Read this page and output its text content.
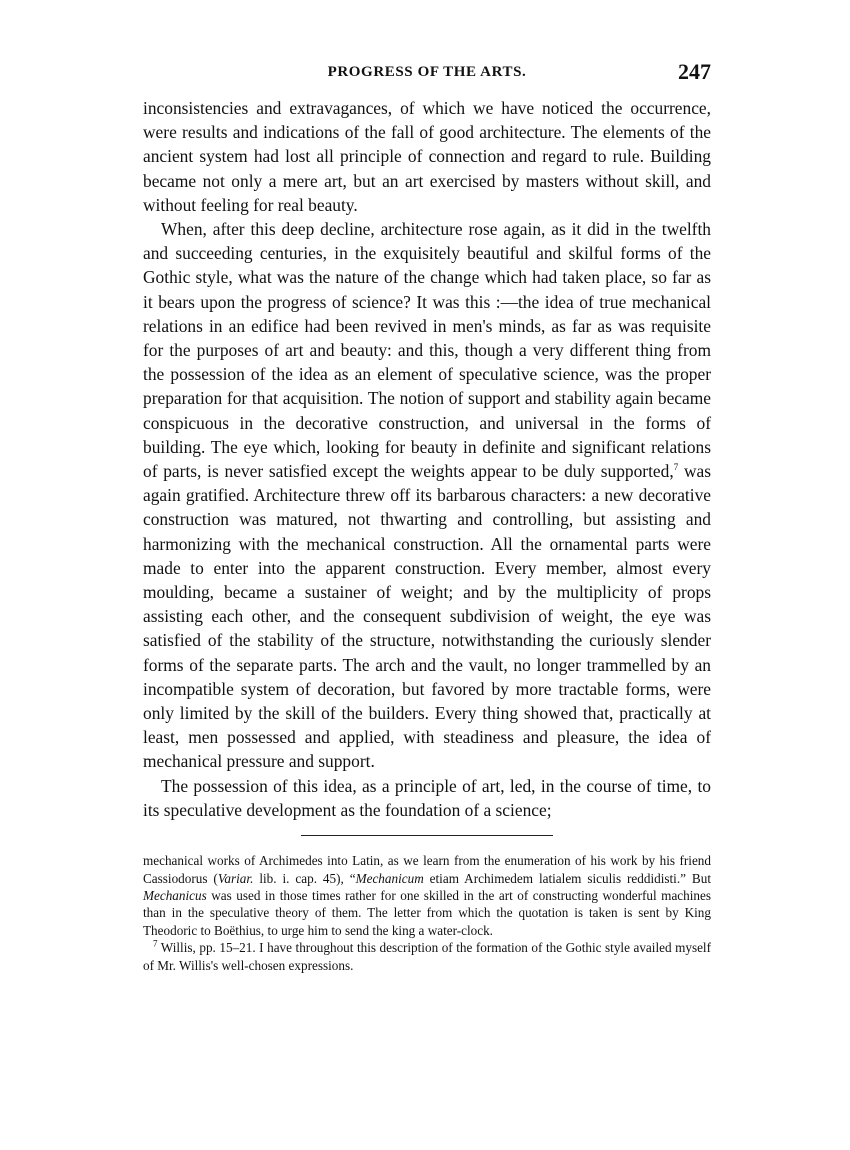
PROGRESS OF THE ARTS.	247

inconsistencies and extravagances, of which we have noticed the occurrence, were results and indications of the fall of good architecture. The elements of the ancient system had lost all principle of connection and regard to rule. Building became not only a mere art, but an art exercised by masters without skill, and without feeling for real beauty.

When, after this deep decline, architecture rose again, as it did in the twelfth and succeeding centuries, in the exquisitely beautiful and skilful forms of the Gothic style, what was the nature of the change which had taken place, so far as it bears upon the progress of science? It was this :—the idea of true mechanical relations in an edifice had been revived in men's minds, as far as was requisite for the purposes of art and beauty: and this, though a very different thing from the possession of the idea as an element of speculative science, was the proper preparation for that acquisition. The notion of support and stability again became conspicuous in the decorative construction, and universal in the forms of building. The eye which, looking for beauty in definite and significant relations of parts, is never satisfied except the weights appear to be duly supported,$^7$ was again gratified. Architecture threw off its barbarous characters: a new decorative construction was matured, not thwarting and controlling, but assisting and harmonizing with the mechanical construction. All the ornamental parts were made to enter into the apparent construction. Every member, almost every moulding, became a sustainer of weight; and by the multiplicity of props assisting each other, and the consequent subdivision of weight, the eye was satisfied of the stability of the structure, notwithstanding the curiously slender forms of the separate parts. The arch and the vault, no longer trammelled by an incompatible system of decoration, but favored by more tractable forms, were only limited by the skill of the builders. Every thing showed that, practically at least, men possessed and applied, with steadiness and pleasure, the idea of mechanical pressure and support.

The possession of this idea, as a principle of art, led, in the course of time, to its speculative development as the foundation of a science;

mechanical works of Archimedes into Latin, as we learn from the enumeration of his work by his friend Cassiodorus (Variar. lib. i. cap. 45), “Mechanicum etiam Archimedem latialem siculis reddidisti.” But Mechanicus was used in those times rather for one skilled in the art of constructing wonderful machines than in the speculative theory of them. The letter from which the quotation is taken is sent by King Theodoric to Boëthius, to urge him to send the king a water-clock.

$^7$ Willis, pp. 15–21. I have throughout this description of the formation of the Gothic style availed myself of Mr. Willis's well-chosen expressions.
